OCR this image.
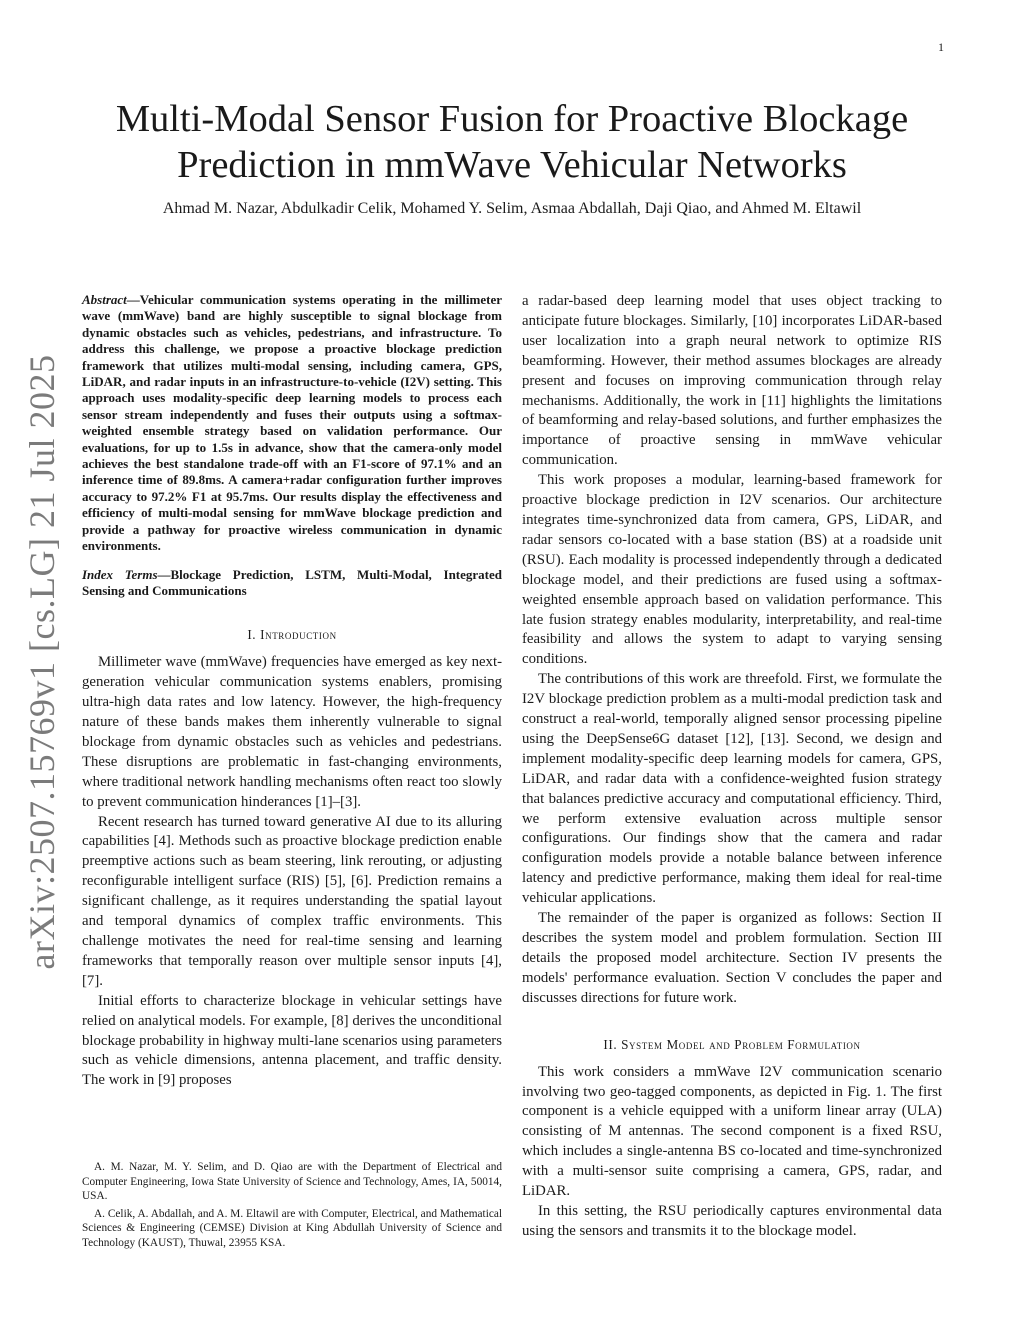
1
arXiv:2507.15769v1 [cs.LG] 21 Jul 2025
Multi-Modal Sensor Fusion for Proactive Blockage
Prediction in mmWave Vehicular Networks
Ahmad M. Nazar, Abdulkadir Celik, Mohamed Y. Selim, Asmaa Abdallah, Daji Qiao, and Ahmed M. Eltawil

Abstract—Vehicular communication systems operating in the millimeter wave (mmWave) band are highly susceptible to signal blockage from dynamic obstacles such as vehicles, pedestrians, and infrastructure. To address this challenge, we propose a proactive blockage prediction framework that utilizes multi-modal sensing, including camera, GPS, LiDAR, and radar inputs in an infrastructure-to-vehicle (I2V) setting. This approach uses modality-specific deep learning models to process each sensor stream independently and fuses their outputs using a softmax-weighted ensemble strategy based on validation performance. Our evaluations, for up to 1.5s in advance, show that the camera-only model achieves the best standalone trade-off with an F1-score of 97.1% and an inference time of 89.8ms. A camera+radar configuration further improves accuracy to 97.2% F1 at 95.7ms. Our results display the effectiveness and efficiency of multi-modal sensing for mmWave blockage prediction and provide a pathway for proactive wireless communication in dynamic environments.

Index Terms—Blockage Prediction, LSTM, Multi-Modal, Integrated Sensing and Communications

I. Introduction

Millimeter wave (mmWave) frequencies have emerged as key next-generation vehicular communication systems enablers, promising ultra-high data rates and low latency. However, the high-frequency nature of these bands makes them inherently vulnerable to signal blockage from dynamic obstacles such as vehicles and pedestrians. These disruptions are problematic in fast-changing environments, where traditional network handling mechanisms often react too slowly to prevent communication hinderances [1]–[3].

Recent research has turned toward generative AI due to its alluring capabilities [4]. Methods such as proactive blockage prediction enable preemptive actions such as beam steering, link rerouting, or adjusting reconfigurable intelligent surface (RIS) [5], [6]. Prediction remains a significant challenge, as it requires understanding the spatial layout and temporal dynamics of complex traffic environments. This challenge motivates the need for real-time sensing and learning frameworks that temporally reason over multiple sensor inputs [4], [7].

Initial efforts to characterize blockage in vehicular settings have relied on analytical models. For example, [8] derives the unconditional blockage probability in highway multi-lane scenarios using parameters such as vehicle dimensions, antenna placement, and traffic density. The work in [9] proposes

A. M. Nazar, M. Y. Selim, and D. Qiao are with the Department of Electrical and Computer Engineering, Iowa State University of Science and Technology, Ames, IA, 50014, USA.

A. Celik, A. Abdallah, and A. M. Eltawil are with Computer, Electrical, and Mathematical Sciences & Engineering (CEMSE) Division at King Abdullah University of Science and Technology (KAUST), Thuwal, 23955 KSA.

a radar-based deep learning model that uses object tracking to anticipate future blockages. Similarly, [10] incorporates LiDAR-based user localization into a graph neural network to optimize RIS beamforming. However, their method assumes blockages are already present and focuses on improving communication through relay mechanisms. Additionally, the work in [11] highlights the limitations of beamforming and relay-based solutions, and further emphasizes the importance of proactive sensing in mmWave vehicular communication.

This work proposes a modular, learning-based framework for proactive blockage prediction in I2V scenarios. Our architecture integrates time-synchronized data from camera, GPS, LiDAR, and radar sensors co-located with a base station (BS) at a roadside unit (RSU). Each modality is processed independently through a dedicated blockage model, and their predictions are fused using a softmax-weighted ensemble approach based on validation performance. This late fusion strategy enables modularity, interpretability, and real-time feasibility and allows the system to adapt to varying sensing conditions.

The contributions of this work are threefold. First, we formulate the I2V blockage prediction problem as a multi-modal prediction task and construct a real-world, temporally aligned sensor processing pipeline using the DeepSense6G dataset [12], [13]. Second, we design and implement modality-specific deep learning models for camera, GPS, LiDAR, and radar data with a confidence-weighted fusion strategy that balances predictive accuracy and computational efficiency. Third, we perform extensive evaluation across multiple sensor configurations. Our findings show that the camera and radar configuration models provide a notable balance between inference latency and predictive performance, making them ideal for real-time vehicular applications.

The remainder of the paper is organized as follows: Section II describes the system model and problem formulation. Section III details the proposed model architecture. Section IV presents the models' performance evaluation. Section V concludes the paper and discusses directions for future work.

II. System Model and Problem Formulation

This work considers a mmWave I2V communication scenario involving two geo-tagged components, as depicted in Fig. 1. The first component is a vehicle equipped with a uniform linear array (ULA) consisting of M antennas. The second component is a fixed RSU, which includes a single-antenna BS co-located and time-synchronized with a multi-sensor suite comprising a camera, GPS, radar, and LiDAR.

In this setting, the RSU periodically captures environmental data using the sensors and transmits it to the blockage model.
